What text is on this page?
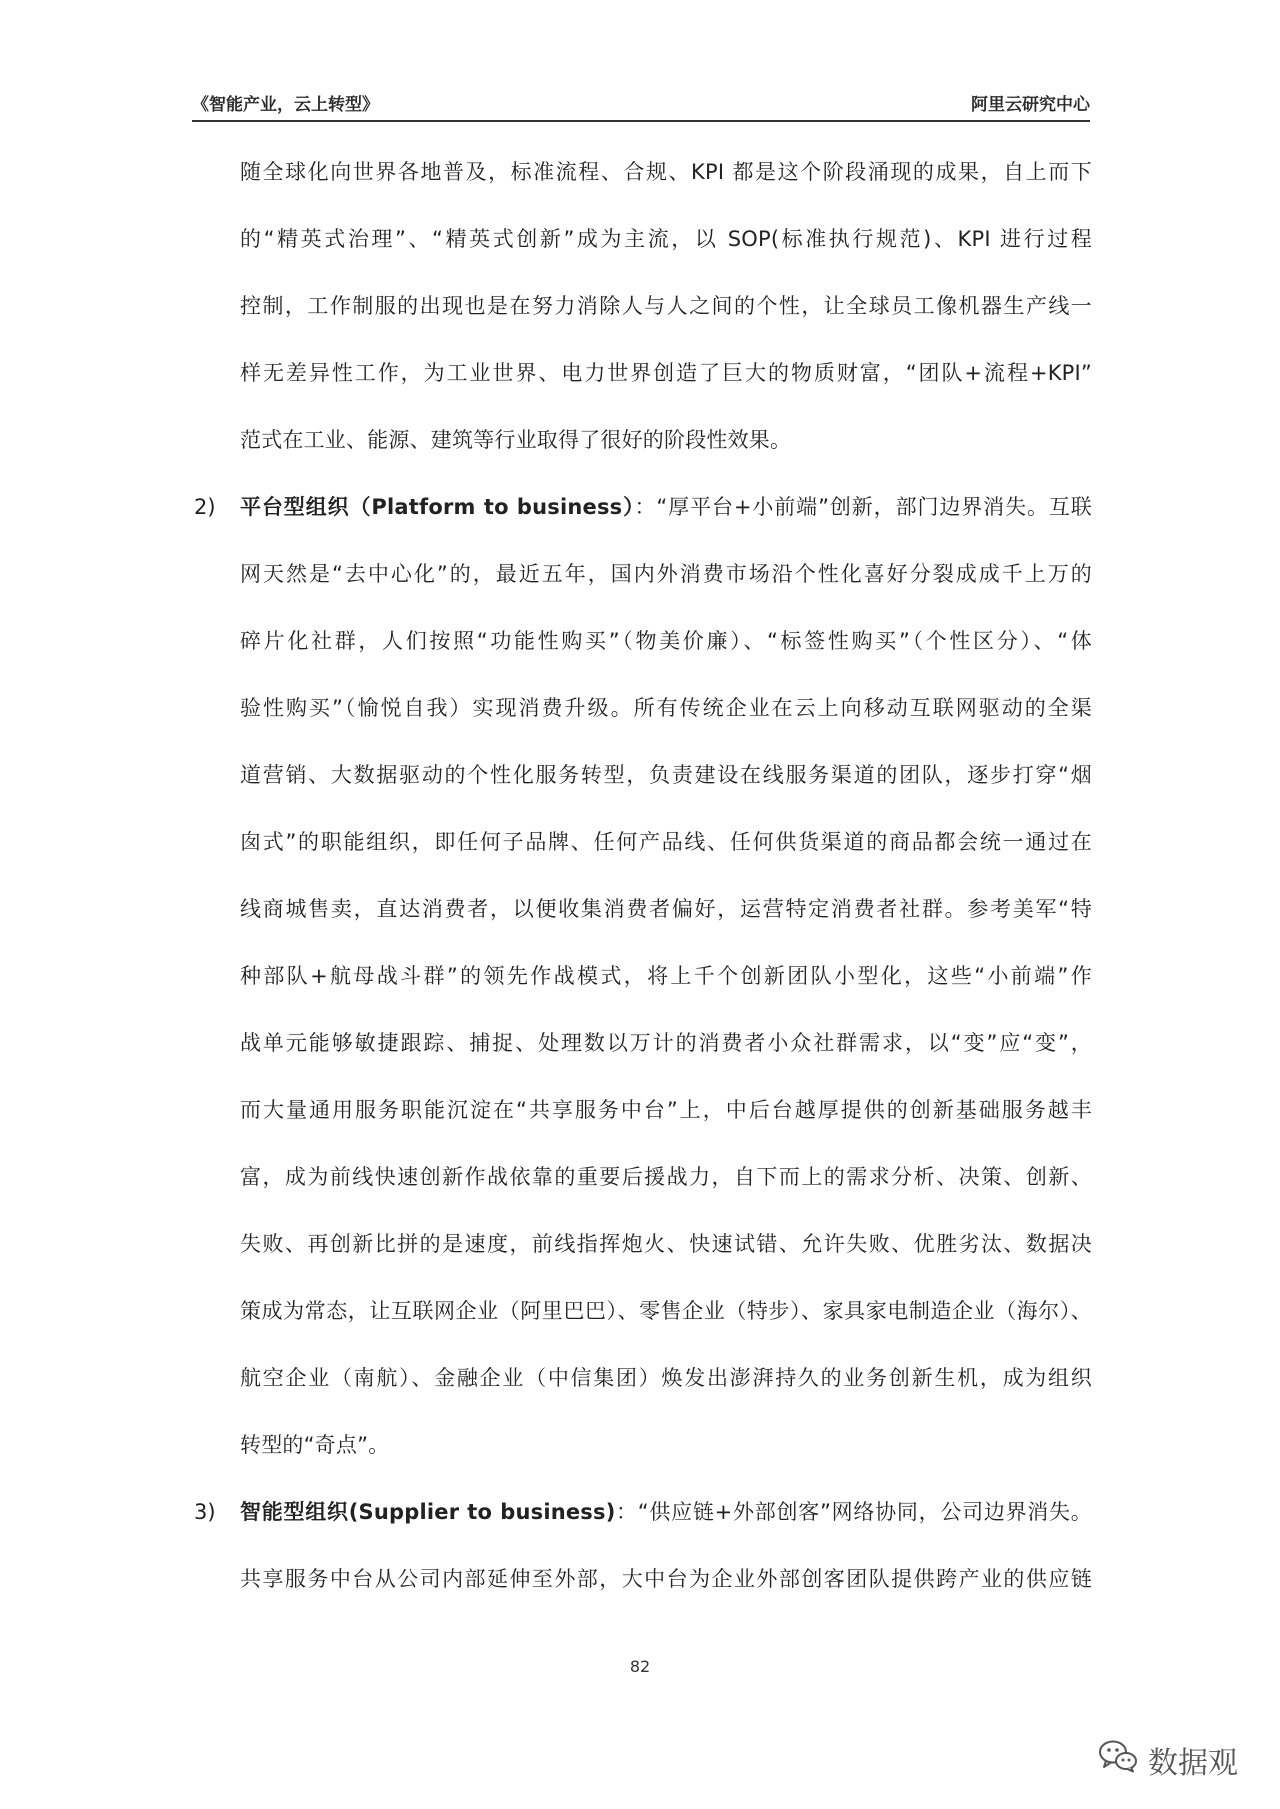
《智能产业，云上转型》	阿里云研究中心
随全球化向世界各地普及，标准流程、合规、KPI 都是这个阶段涌现的成果，自上而下
的“精英式治理”、“精英式创新”成为主流，以 SOP(标准执行规范)、KPI 进行过程
控制，工作制服的出现也是在努力消除人与人之间的个性，让全球员工像机器生产线一
样无差异性工作，为工业世界、电力世界创造了巨大的物质财富，“团队+流程+KPI”
范式在工业、能源、建筑等行业取得了很好的阶段性效果。
2) 平台型组织（Platform to business）：“厚平台+小前端”创新，部门边界消失。互联
网天然是“去中心化”的，最近五年，国内外消费市场沿个性化喜好分裂成成千上万的
碎片化社群，人们按照“功能性购买”（物美价廉）、“标签性购买”（个性区分）、“体
验性购买”（愉悦自我）实现消费升级。所有传统企业在云上向移动互联网驱动的全渠
道营销、大数据驱动的个性化服务转型，负责建设在线服务渠道的团队，逐步打穿“烟
囱式”的职能组织，即任何子品牌、任何产品线、任何供货渠道的商品都会统一通过在
线商城售卖，直达消费者，以便收集消费者偏好，运营特定消费者社群。参考美军“特
种部队+航母战斗群”的领先作战模式，将上千个创新团队小型化，这些“小前端”作
战单元能够敏捷跟踪、捕捉、处理数以万计的消费者小众社群需求，以“变”应“变”，
而大量通用服务职能沉淀在“共享服务中台”上，中后台越厚提供的创新基础服务越丰
富，成为前线快速创新作战依靠的重要后援战力，自下而上的需求分析、决策、创新、
失败、再创新比拼的是速度，前线指挥炮火、快速试错、允许失败、优胜劣汰、数据决
策成为常态，让互联网企业（阿里巴巴）、零售企业（特步）、家具家电制造企业（海尔）、
航空企业（南航）、金融企业（中信集团）焕发出澎湃持久的业务创新生机，成为组织
转型的“奇点”。
3) 智能型组织(Supplier to business)：“供应链+外部创客”网络协同，公司边界消失。
共享服务中台从公司内部延伸至外部，大中台为企业外部创客团队提供跨产业的供应链
82
数据观
